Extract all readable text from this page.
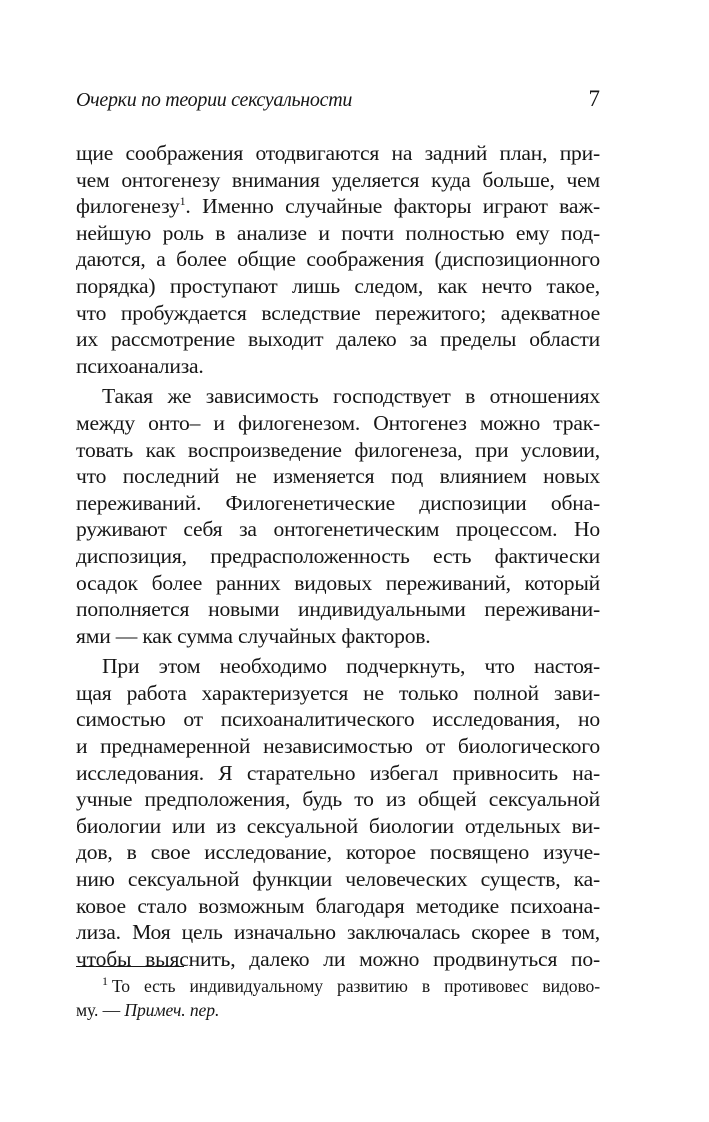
Очерки по теории сексуальности	7
щие соображения отодвигаются на задний план, при-
чем онтогенезу внимания уделяется куда больше, чем
филогенезу$^1$. Именно случайные факторы играют важ-
нейшую роль в анализе и почти полностью ему под-
даются, а более общие соображения (диспозиционного
порядка) проступают лишь следом, как нечто такое,
что пробуждается вследствие пережитого; адекватное
их рассмотрение выходит далеко за пределы области
психоанализа.
Такая же зависимость господствует в отношениях
между онто– и филогенезом. Онтогенез можно трак-
товать как воспроизведение филогенеза, при условии,
что последний не изменяется под влиянием новых
переживаний. Филогенетические диспозиции обна-
руживают себя за онтогенетическим процессом. Но
диспозиция, предрасположенность есть фактически
осадок более ранних видовых переживаний, который
пополняется новыми индивидуальными переживани-
ями — как сумма случайных факторов.
При этом необходимо подчеркнуть, что настоя-
щая работа характеризуется не только полной зави-
симостью от психоаналитического исследования, но
и преднамеренной независимостью от биологического
исследования. Я старательно избегал привносить на-
учные предположения, будь то из общей сексуальной
биологии или из сексуальной биологии отдельных ви-
дов, в свое исследование, которое посвящено изуче-
нию сексуальной функции человеческих существ, ка-
ковое стало возможным благодаря методике психоана-
лиза. Моя цель изначально заключалась скорее в том,
чтобы выяснить, далеко ли можно продвинуться по-
$^1$ То есть индивидуальному развитию в противовес видово-
му. — Примеч. пер.
